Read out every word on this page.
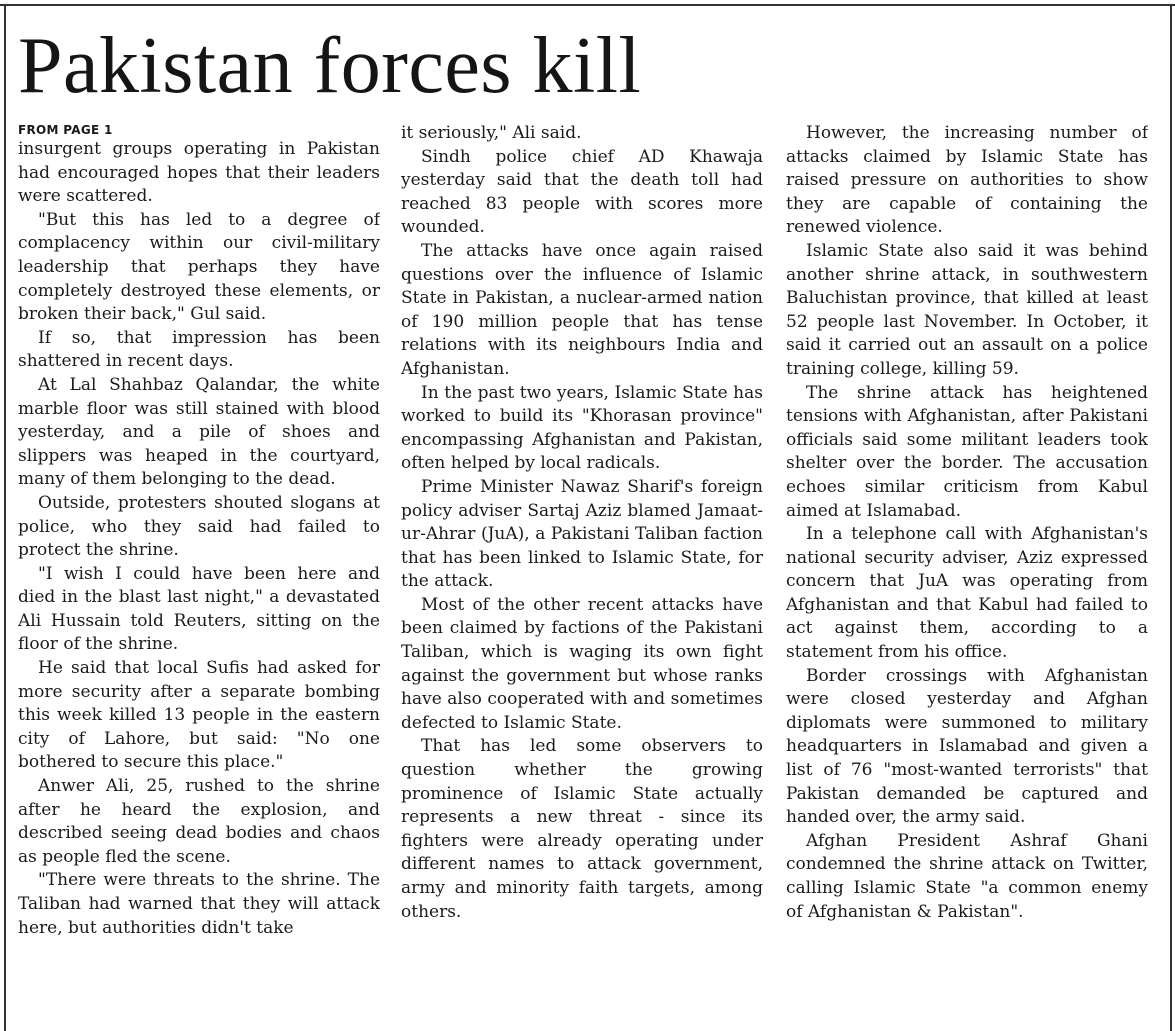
Pakistan forces kill

FROM PAGE 1

insurgent groups operating in Pakistan had encouraged hopes that their leaders were scattered.

"But this has led to a degree of complacency within our civil-military leadership that perhaps they have completely destroyed these elements, or broken their back," Gul said.

If so, that impression has been shattered in recent days.

At Lal Shahbaz Qalandar, the white marble floor was still stained with blood yesterday, and a pile of shoes and slippers was heaped in the courtyard, many of them belonging to the dead.

Outside, protesters shouted slogans at police, who they said had failed to protect the shrine.

"I wish I could have been here and died in the blast last night," a devastated Ali Hussain told Reuters, sitting on the floor of the shrine.

He said that local Sufis had asked for more security after a separate bombing this week killed 13 people in the eastern city of Lahore, but said: "No one bothered to secure this place."

Anwer Ali, 25, rushed to the shrine after he heard the explosion, and described seeing dead bodies and chaos as people fled the scene.

"There were threats to the shrine. The Taliban had warned that they will attack here, but authorities didn't take

it seriously," Ali said.

Sindh police chief AD Khawaja yesterday said that the death toll had reached 83 people with scores more wounded.

The attacks have once again raised questions over the influence of Islamic State in Pakistan, a nuclear-armed nation of 190 million people that has tense relations with its neighbours India and Afghanistan.

In the past two years, Islamic State has worked to build its "Khorasan province" encompassing Afghanistan and Pakistan, often helped by local radicals.

Prime Minister Nawaz Sharif's foreign policy adviser Sartaj Aziz blamed Jamaat-ur-Ahrar (JuA), a Pakistani Taliban faction that has been linked to Islamic State, for the attack.

Most of the other recent attacks have been claimed by factions of the Pakistani Taliban, which is waging its own fight against the government but whose ranks have also cooperated with and sometimes defected to Islamic State.

That has led some observers to question whether the growing prominence of Islamic State actually represents a new threat - since its fighters were already operating under different names to attack government, army and minority faith targets, among others.

However, the increasing number of attacks claimed by Islamic State has raised pressure on authorities to show they are capable of containing the renewed violence.

Islamic State also said it was behind another shrine attack, in southwestern Baluchistan province, that killed at least 52 people last November. In October, it said it carried out an assault on a police training college, killing 59.

The shrine attack has heightened tensions with Afghanistan, after Pakistani officials said some militant leaders took shelter over the border. The accusation echoes similar criticism from Kabul aimed at Islamabad.

In a telephone call with Afghanistan's national security adviser, Aziz expressed concern that JuA was operating from Afghanistan and that Kabul had failed to act against them, according to a statement from his office.

Border crossings with Afghanistan were closed yesterday and Afghan diplomats were summoned to military headquarters in Islamabad and given a list of 76 "most-wanted terrorists" that Pakistan demanded be captured and handed over, the army said.

Afghan President Ashraf Ghani condemned the shrine attack on Twitter, calling Islamic State "a common enemy of Afghanistan & Pakistan".
